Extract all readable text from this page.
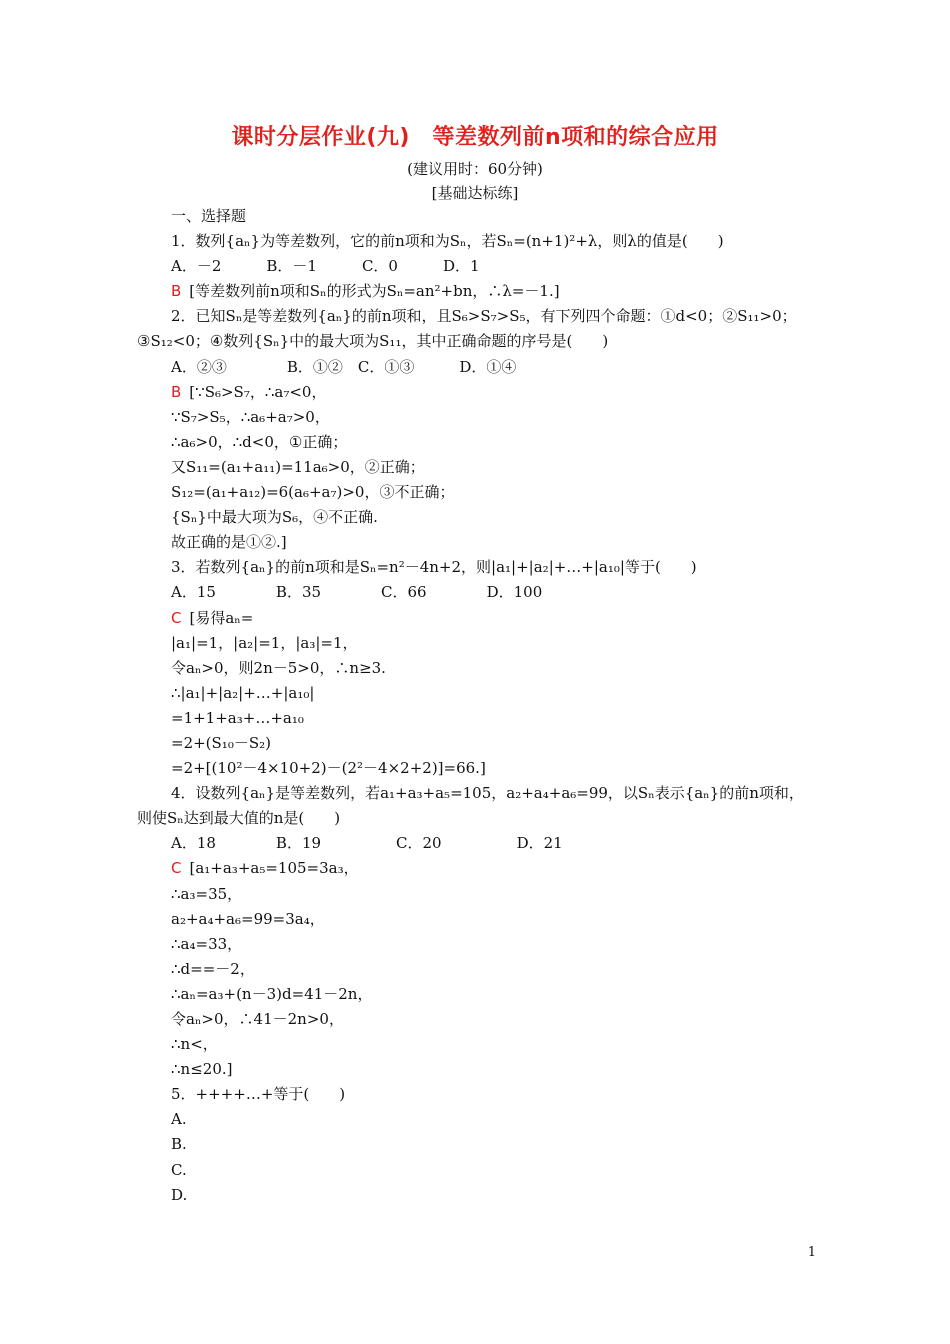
课时分层作业(九)　等差数列前n项和的综合应用
(建议用时：60分钟)
[基础达标练]
一、选择题
1．数列{aₙ}为等差数列，它的前n项和为Sₙ，若Sₙ=(n+1)²+λ，则λ的值是(　　)
A．－2　　　B．－1　　　C．0　　　D．1
B [等差数列前n项和Sₙ的形式为Sₙ=an²+bn，∴λ=－1.]
2．已知Sₙ是等差数列{aₙ}的前n项和，且S₆>S₇>S₅，有下列四个命题：①d<0；②S₁₁>0；
③S₁₂<0；④数列{Sₙ}中的最大项为S₁₁，其中正确命题的序号是(　　)
A．②③　　　　B．①②　C．①③　　　D．①④
B [∵S₆>S₇，∴a₇<0，
∵S₇>S₅，∴a₆+a₇>0，
∴a₆>0，∴d<0，①正确；
又S₁₁=(a₁+a₁₁)=11a₆>0，②正确；
S₁₂=(a₁+a₁₂)=6(a₆+a₇)>0，③不正确；
{Sₙ}中最大项为S₆，④不正确.
故正确的是①②.]
3．若数列{aₙ}的前n项和是Sₙ=n²－4n+2，则|a₁|+|a₂|+…+|a₁₀|等于(　　)
A．15　　　　B．35　　　　C．66　　　　D．100
C [易得aₙ=
|a₁|=1，|a₂|=1，|a₃|=1，
令aₙ>0，则2n－5>0，∴n≥3.
∴|a₁|+|a₂|+…+|a₁₀|
=1+1+a₃+…+a₁₀
=2+(S₁₀－S₂)
=2+[(10²－4×10+2)－(2²－4×2+2)]=66.]
4．设数列{aₙ}是等差数列，若a₁+a₃+a₅=105，a₂+a₄+a₆=99，以Sₙ表示{aₙ}的前n项和，
则使Sₙ达到最大值的n是(　　)
A．18　　　　B．19　　　　　C．20　　　　　D．21
C [a₁+a₃+a₅=105=3a₃，
∴a₃=35，
a₂+a₄+a₆=99=3a₄，
∴a₄=33，
∴d==－2，
∴aₙ=a₃+(n－3)d=41－2n，
令aₙ>0，∴41－2n>0，
∴n<，
∴n≤20.]
5．++++…+等于(　　)
A.
B.
C.
D.
1
